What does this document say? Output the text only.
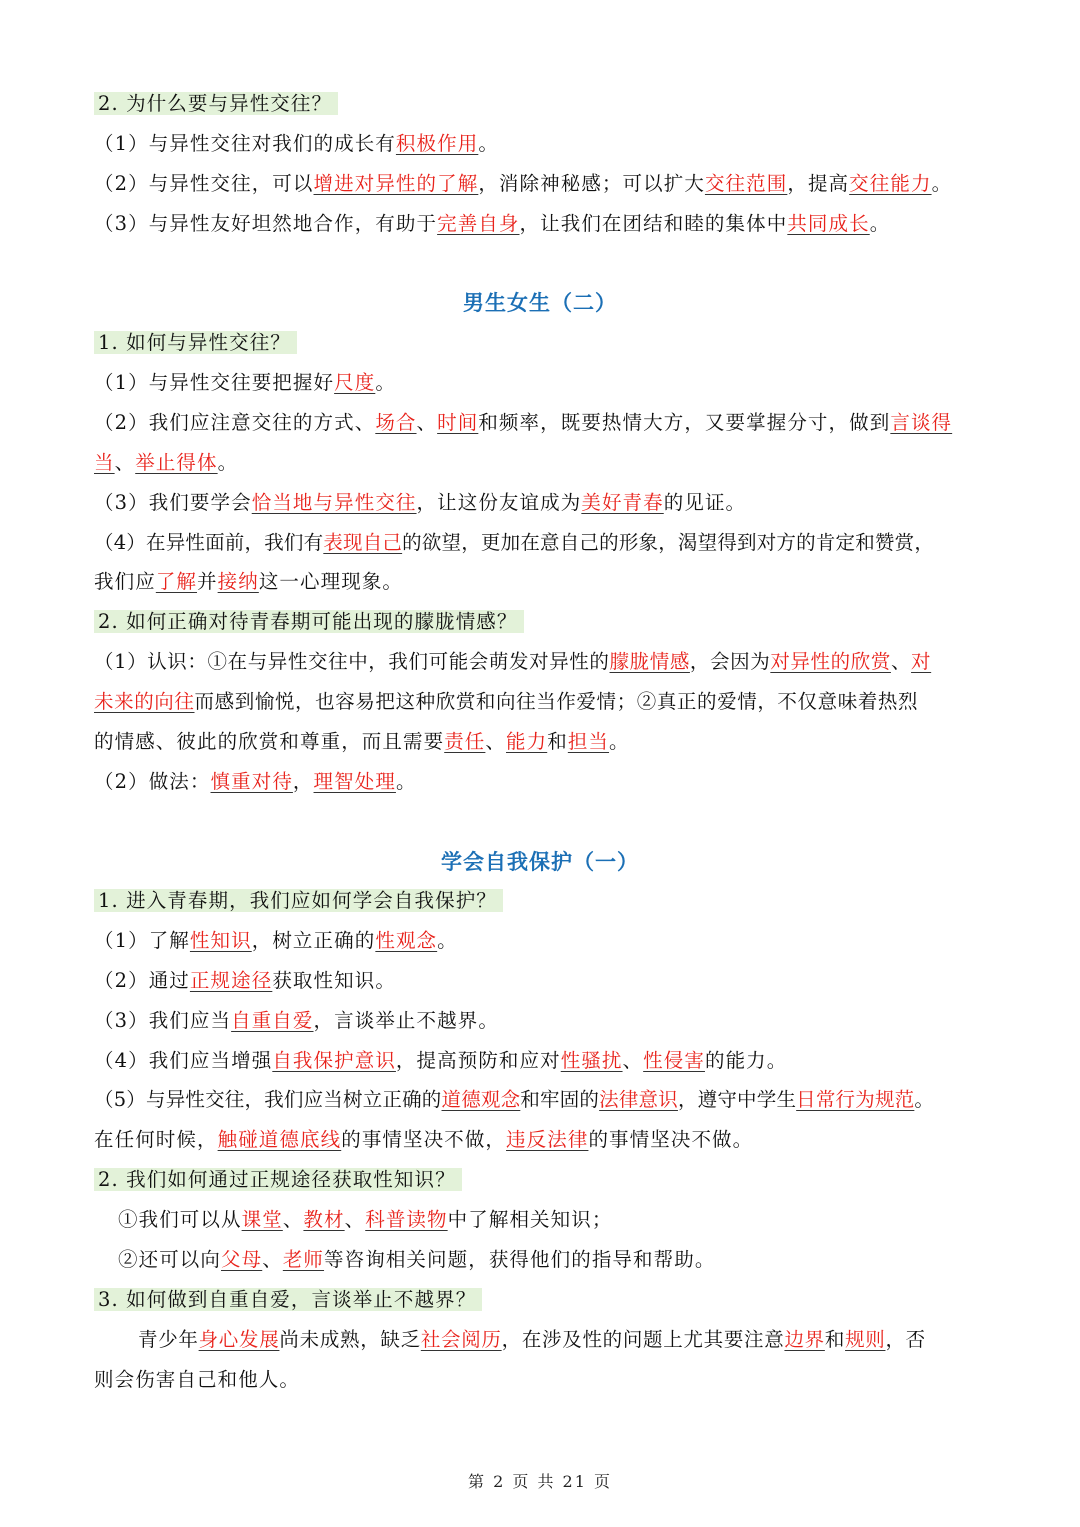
2. 为什么要与异性交往？
（1）与异性交往对我们的成长有积极作用。
（2）与异性交往，可以增进对异性的了解，消除神秘感；可以扩大交往范围，提高交往能力。
（3）与异性友好坦然地合作，有助于完善自身，让我们在团结和睦的集体中共同成长。
男生女生（二）
1. 如何与异性交往？
（1）与异性交往要把握好尺度。
（2）我们应注意交往的方式、场合、时间和频率，既要热情大方，又要掌握分寸，做到言谈得
当、举止得体。
（3）我们要学会恰当地与异性交往，让这份友谊成为美好青春的见证。
（4）在异性面前，我们有表现自己的欲望，更加在意自己的形象，渴望得到对方的肯定和赞赏，
我们应了解并接纳这一心理现象。
2. 如何正确对待青春期可能出现的朦胧情感？
（1）认识：①在与异性交往中，我们可能会萌发对异性的朦胧情感，会因为对异性的欣赏、对
未来的向往而感到愉悦，也容易把这种欣赏和向往当作爱情；②真正的爱情，不仅意味着热烈
的情感、彼此的欣赏和尊重，而且需要责任、能力和担当。
（2）做法：慎重对待，理智处理。
学会自我保护（一）
1. 进入青春期，我们应如何学会自我保护？
（1）了解性知识，树立正确的性观念。
（2）通过正规途径获取性知识。
（3）我们应当自重自爱，言谈举止不越界。
（4）我们应当增强自我保护意识，提高预防和应对性骚扰、性侵害的能力。
（5）与异性交往，我们应当树立正确的道德观念和牢固的法律意识，遵守中学生日常行为规范。
在任何时候，触碰道德底线的事情坚决不做，违反法律的事情坚决不做。
2. 我们如何通过正规途径获取性知识？
①我们可以从课堂、教材、科普读物中了解相关知识；
②还可以向父母、老师等咨询相关问题，获得他们的指导和帮助。
3. 如何做到自重自爱，言谈举止不越界？
青少年身心发展尚未成熟，缺乏社会阅历，在涉及性的问题上尤其要注意边界和规则，否
则会伤害自己和他人。
第 2 页 共 21 页
